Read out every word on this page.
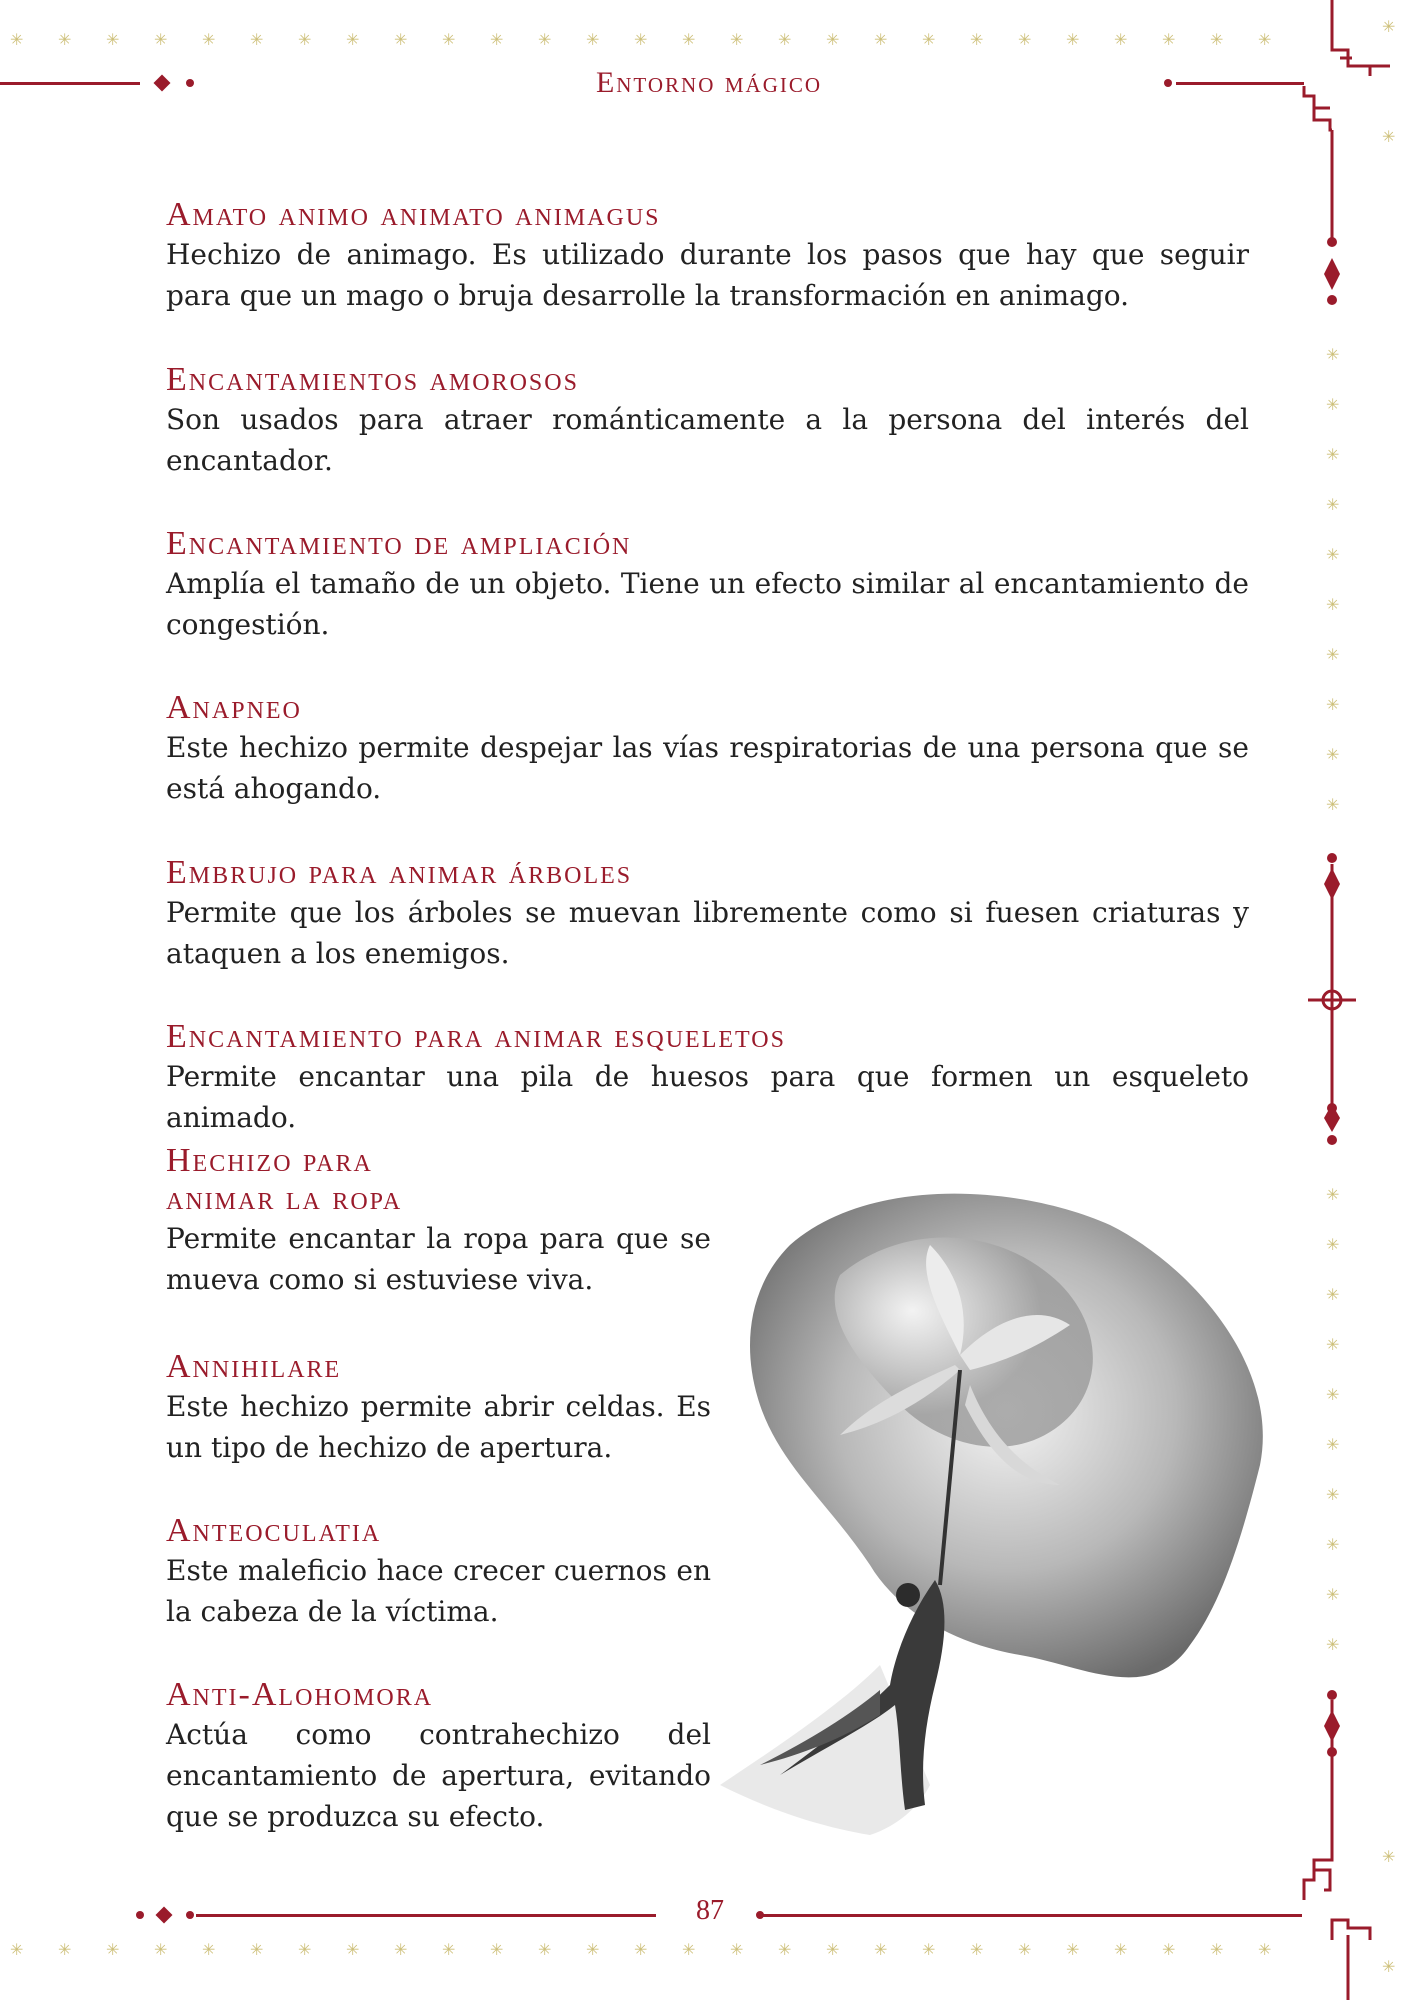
✳ ✳ ✳ ✳ ✳ ✳ ✳ ✳ ✳ ✳ ✳ ✳ ✳ ✳ ✳ ✳ ✳ ✳ ✳ ✳ ✳ ✳ ✳ ✳ ✳ ✳ ✳
✳ ✳ ✳ ✳ ✳ ✳ ✳ ✳ ✳ ✳ ✳ ✳ ✳ ✳ ✳ ✳ ✳ ✳ ✳ ✳ ✳ ✳ ✳ ✳ ✳ ✳ ✳
Entorno mágico
✳
✳
✳
✳
✳
✳
✳
✳
✳
✳
✳
✳
✳
✳
✳
✳
✳
✳
✳
✳
✳
✳
✳
✳
Amato animo animato animagus

Hechizo de animago. Es utilizado durante los pasos que hay que seguir para que un mago o bruja desarrolle la transformación en animago.

Encantamientos amorosos

Son usados para atraer románticamente a la persona del interés del encantador.

Encantamiento de ampliación

Amplía el tamaño de un objeto. Tiene un efecto similar al encantamiento de congestión.

Anapneo

Este hechizo permite despejar las vías respiratorias de una persona que se está ahogando.

Embrujo para animar árboles

Permite que los árboles se muevan libremente como si fuesen criaturas y ataquen a los enemigos.

Encantamiento para animar esqueletos

Permite encantar una pila de huesos para que formen un esqueleto animado.

Hechizo para animar la ropa

Permite encantar la ropa para que se mueva como si estuviese viva.

Annihilare

Este hechizo permite abrir celdas. Es un tipo de hechizo de apertura.

Anteoculatia

Este maleficio hace crecer cuernos en la cabeza de la víctima.

Anti-Alohomora

Actúa como contrahechizo del encantamiento de apertura, evitando que se produzca su efecto.

87
